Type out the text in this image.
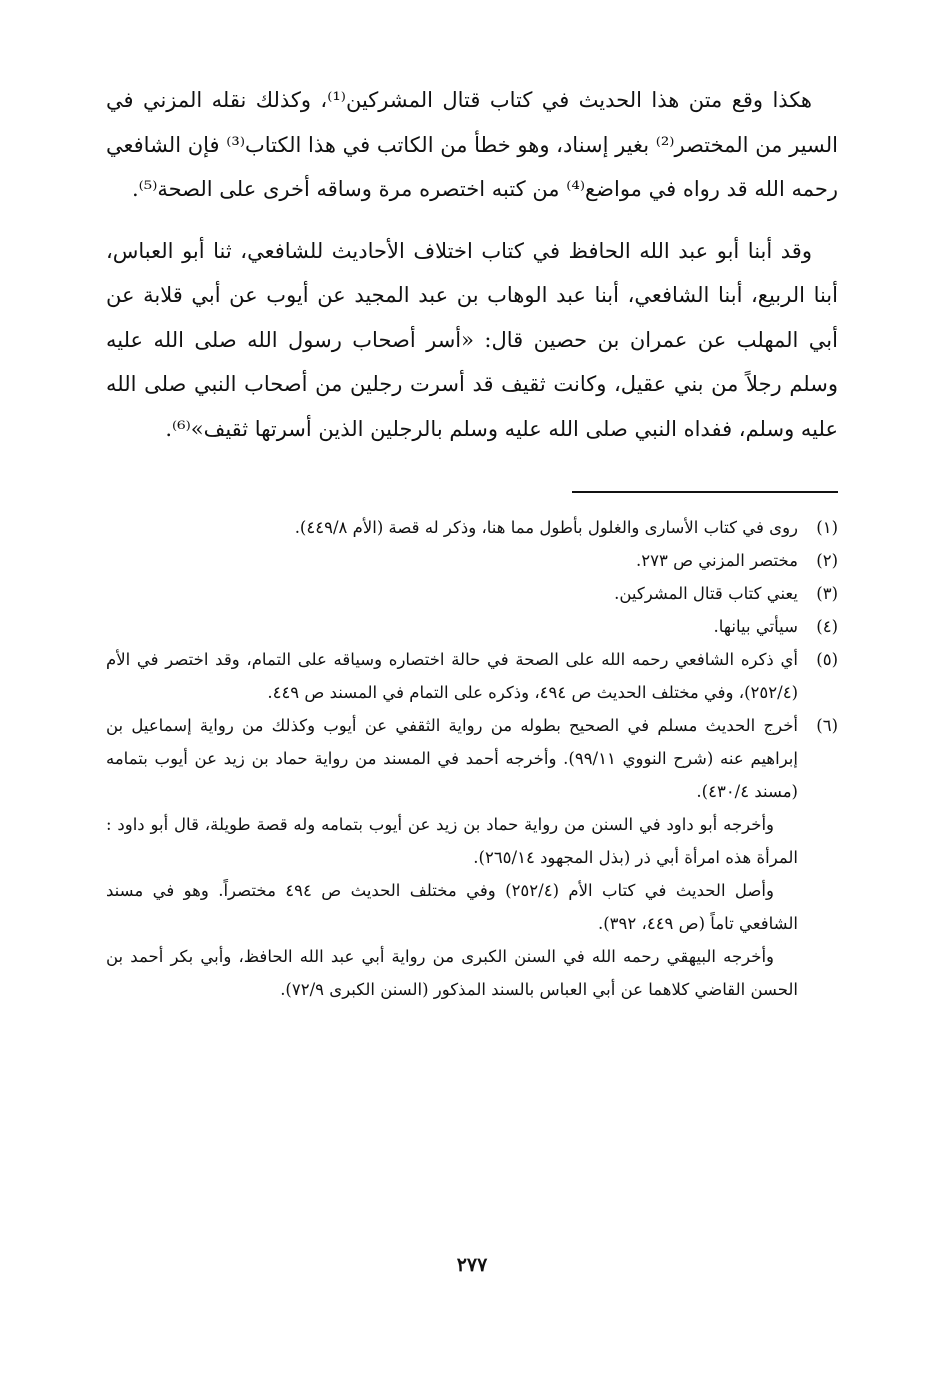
هكذا وقع متن هذا الحديث في كتاب قتال المشركين⁽¹⁾، وكذلك نقله المزني في السير من المختصر⁽²⁾ بغير إسناد، وهو خطأ من الكاتب في هذا الكتاب⁽³⁾ فإن الشافعي رحمه الله قد رواه في مواضع⁽⁴⁾ من كتبه اختصره مرة وساقه أخرى على الصحة⁽⁵⁾.

وقد أبنا أبو عبد الله الحافظ في كتاب اختلاف الأحاديث للشافعي، ثنا أبو العباس، أبنا الربيع، أبنا الشافعي، أبنا عبد الوهاب بن عبد المجيد عن أيوب عن أبي قلابة عن أبي المهلب عن عمران بن حصين قال: «أسر أصحاب رسول الله صلى الله عليه وسلم رجلاً من بني عقيل، وكانت ثقيف قد أسرت رجلين من أصحاب النبي صلى الله عليه وسلم، ففداه النبي صلى الله عليه وسلم بالرجلين الذين أسرتها ثقيف»⁽⁶⁾.

(١)
روى في كتاب الأسارى والغلول بأطول مما هنا، وذكر له قصة (الأم ٤٤٩/٨).
(٢)
مختصر المزني ص ٢٧٣.
(٣)
يعني كتاب قتال المشركين.
(٤)
سيأتي بيانها.
(٥)
أي ذكره الشافعي رحمه الله على الصحة في حالة اختصاره وسياقه على التمام، وقد اختصر في الأم (٢٥٢/٤)، وفي مختلف الحديث ص ٤٩٤، وذكره على التمام في المسند ص ٤٤٩.
(٦)
أخرج الحديث مسلم في الصحيح بطوله من رواية الثقفي عن أيوب وكذلك من رواية إسماعيل بن إبراهيم عنه (شرح النووي ٩٩/١١). وأخرجه أحمد في المسند من رواية حماد بن زيد عن أيوب بتمامه (مسند ٤٣٠/٤).
وأخرجه أبو داود في السنن من رواية حماد بن زيد عن أيوب بتمامه وله قصة طويلة، قال أبو داود : المرأة هذه امرأة أبي ذر (بذل المجهود ٢٦٥/١٤).
وأصل الحديث في كتاب الأم (٢٥٢/٤) وفي مختلف الحديث ص ٤٩٤ مختصراً. وهو في مسند الشافعي تاماً (ص ٤٤٩، ٣٩٢).
وأخرجه البيهقي رحمه الله في السنن الكبرى من رواية أبي عبد الله الحافظ، وأبي بكر أحمد بن الحسن القاضي كلاهما عن أبي العباس بالسند المذكور (السنن الكبرى ٧٢/٩).
٢٧٧
